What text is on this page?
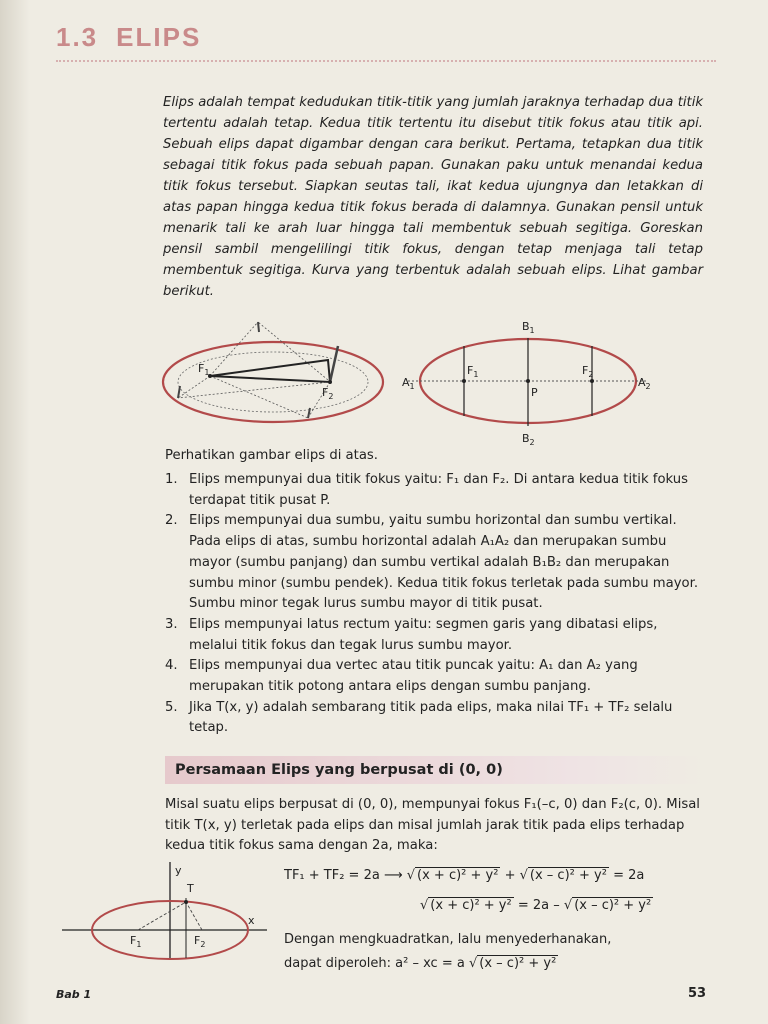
1.3 ELIPS
Elips adalah tempat kedudukan titik-titik yang jumlah jaraknya terhadap dua titik tertentu adalah tetap. Kedua titik tertentu itu disebut titik fokus atau titik api. Sebuah elips dapat digambar dengan cara berikut. Pertama, tetapkan dua titik sebagai titik fokus pada sebuah papan. Gunakan paku untuk menandai kedua titik fokus tersebut. Siapkan seutas tali, ikat kedua ujungnya dan letakkan di atas papan hingga kedua titik fokus berada di dalamnya. Gunakan pensil untuk menarik tali ke arah luar hingga tali membentuk sebuah segitiga. Goreskan pensil sambil mengelilingi titik fokus, dengan tetap menjaga tali tetap membentuk segitiga. Kurva yang terbentuk adalah sebuah elips. Lihat gambar berikut.
$F_1$
$F_2$
$B_1$
$B_2$
$A_1$	$A_2$
$F_1$	$F_2$
P
Perhatikan gambar elips di atas.
1. Elips mempunyai dua titik fokus yaitu: F₁ dan F₂. Di antara kedua titik fokus terdapat titik pusat P.
2. Elips mempunyai dua sumbu, yaitu sumbu horizontal dan sumbu vertikal. Pada elips di atas, sumbu horizontal adalah A₁A₂ dan merupakan sumbu mayor (sumbu panjang) dan sumbu vertikal adalah B₁B₂ dan merupakan sumbu minor (sumbu pendek). Kedua titik fokus terletak pada sumbu mayor. Sumbu minor tegak lurus sumbu mayor di titik pusat.
3. Elips mempunyai latus rectum yaitu: segmen garis yang dibatasi elips, melalui titik fokus dan tegak lurus sumbu mayor.
4. Elips mempunyai dua vertec atau titik puncak yaitu: A₁ dan A₂ yang merupakan titik potong antara elips dengan sumbu panjang.
5. Jika T(x, y) adalah sembarang titik pada elips, maka nilai TF₁ + TF₂ selalu tetap.
Persamaan Elips yang berpusat di (0, 0)
Misal suatu elips berpusat di (0, 0), mempunyai fokus F₁(–c, 0) dan F₂(c, 0). Misal titik T(x, y) terletak pada elips dan misal jumlah jarak titik pada elips terhadap kedua titik fokus sama dengan 2a, maka:
y
x
T
$F_1$	$F_2$
TF₁ + TF₂ = 2a ⟶ √ (x + c)² + y² + √ (x – c)² + y² = 2a
√ (x + c)² + y² = 2a – √ (x – c)² + y²
Dengan mengkuadratkan, lalu menyederhanakan,
dapat diperoleh: a² – xc = a √ (x – c)² + y²
Bab 1	53
